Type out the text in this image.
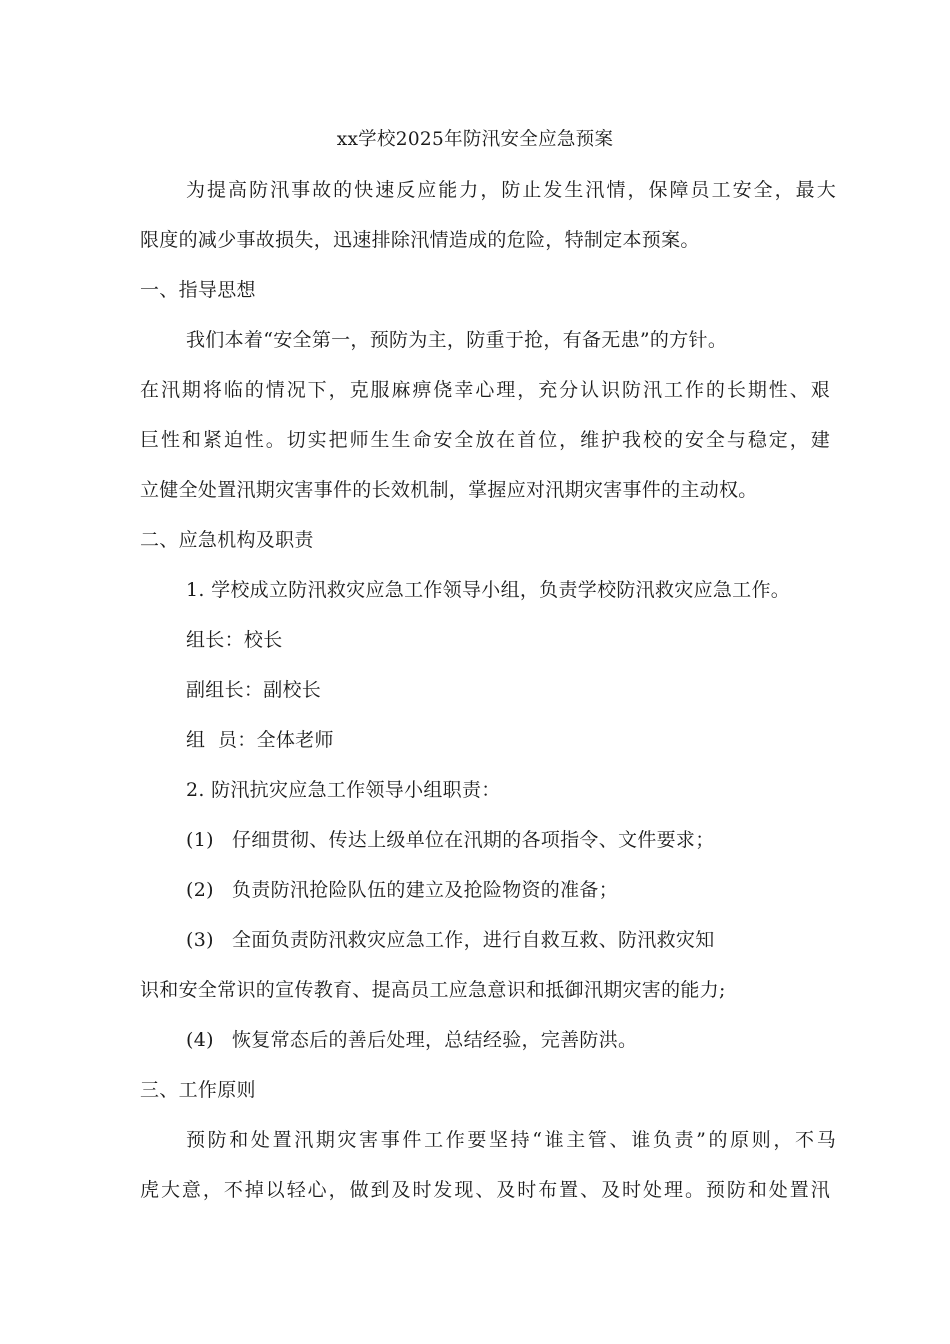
xx学校2025年防汛安全应急预案
为提高防汛事故的快速反应能力，防止发生汛情，保障员工安全，最大
限度的减少事故损失，迅速排除汛情造成的危险，特制定本预案。
一、指导思想
我们本着“安全第一，预防为主，防重于抢，有备无患”的方针。
在汛期将临的情况下，克服麻痹侥幸心理，充分认识防汛工作的长期性、艰
巨性和紧迫性。切实把师生生命安全放在首位，维护我校的安全与稳定，建
立健全处置汛期灾害事件的长效机制，掌握应对汛期灾害事件的主动权。
二、应急机构及职责
1. 学校成立防汛救灾应急工作领导小组，负责学校防汛救灾应急工作。
组长：校长
副组长：副校长
组  员：全体老师
2. 防汛抗灾应急工作领导小组职责：
(1) 仔细贯彻、传达上级单位在汛期的各项指令、文件要求；
(2) 负责防汛抢险队伍的建立及抢险物资的准备；
(3) 全面负责防汛救灾应急工作，进行自救互救、防汛救灾知
识和安全常识的宣传教育、提高员工应急意识和抵御汛期灾害的能力;
(4) 恢复常态后的善后处理，总结经验，完善防洪。
三、工作原则
预防和处置汛期灾害事件工作要坚持“谁主管、谁负责”的原则，不马
虎大意，不掉以轻心，做到及时发现、及时布置、及时处理。预防和处置汛
